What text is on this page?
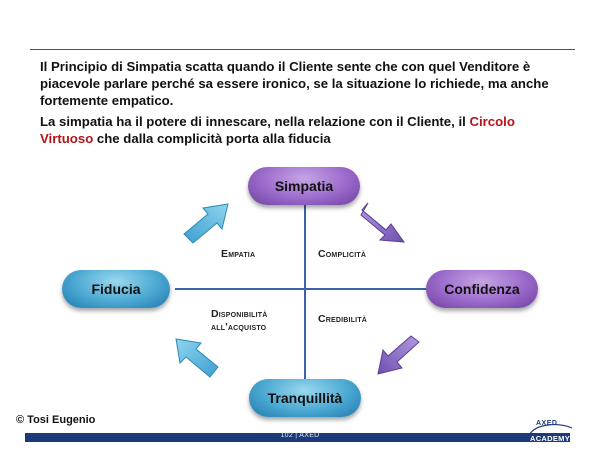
Il Principio di Simpatia scatta quando il Cliente sente che con quel Venditore è piacevole parlare perché sa essere ironico, se la situazione lo richiede, ma anche fortemente empatico.

La simpatia ha il potere di innescare, nella relazione con il Cliente, il Circolo Virtuoso che dalla complicità porta alla fiducia

Simpatia
Fiducia	Confidenza
Tranquillità
Empatia	Complicità
Disponibilità
all'acquisto
Credibilità
© Tosi Eugenio
102 | AXED
AXED
ACADEMY
